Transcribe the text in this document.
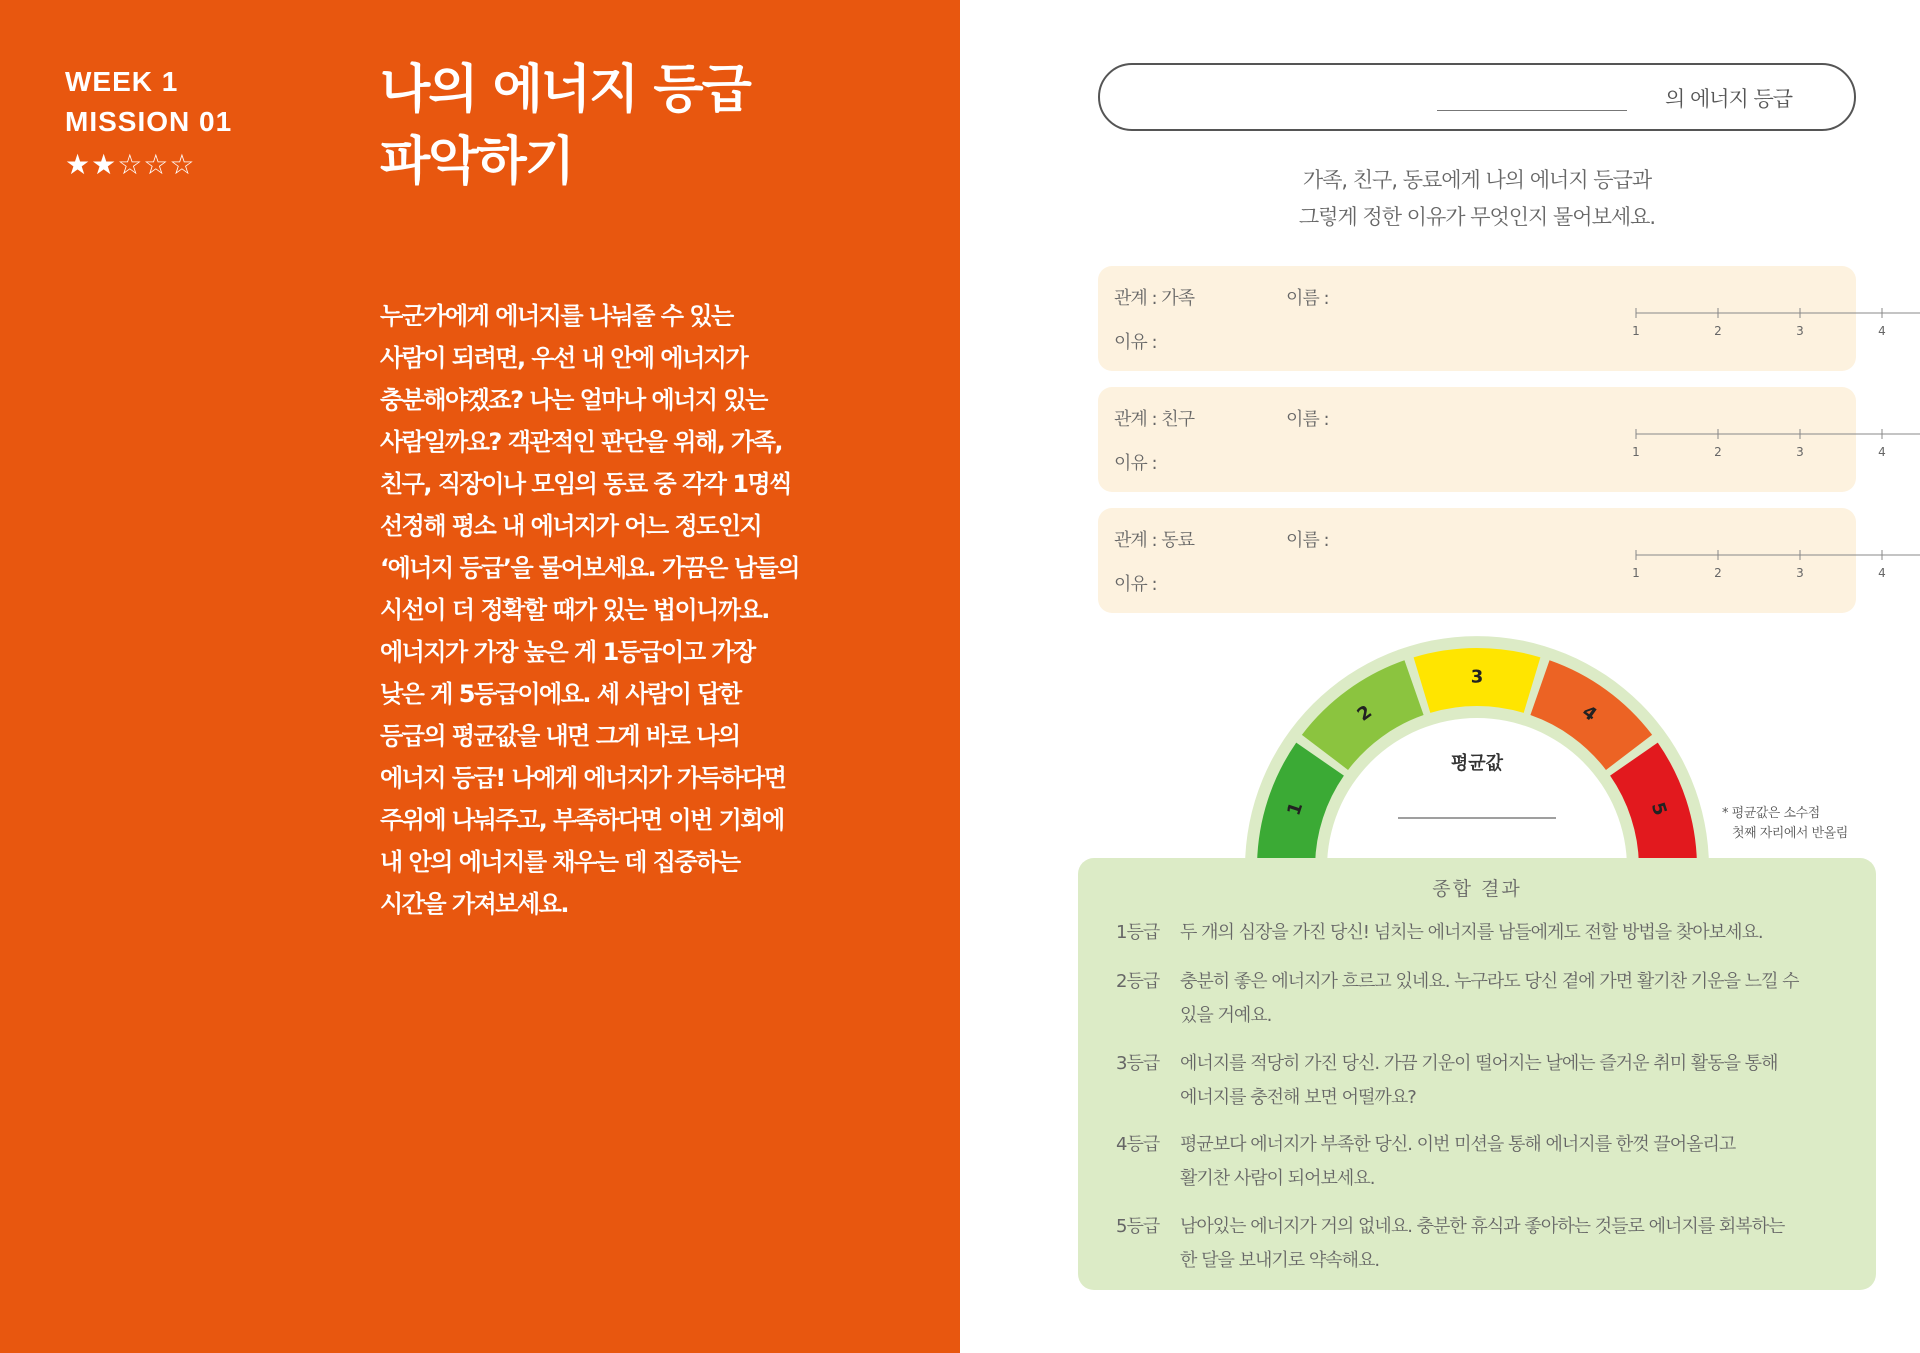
WEEK 1
MISSION 01
★★☆☆☆
나의 에너지 등급
파악하기

누군가에게 에너지를 나눠줄 수 있는

사람이 되려면, 우선 내 안에 에너지가

충분해야겠죠? 나는 얼마나 에너지 있는

사람일까요? 객관적인 판단을 위해, 가족,

친구, 직장이나 모임의 동료 중 각각 1명씩

선정해 평소 내 에너지가 어느 정도인지

‘에너지 등급’을 물어보세요. 가끔은 남들의

시선이 더 정확할 때가 있는 법이니까요.

에너지가 가장 높은 게 1등급이고 가장

낮은 게 5등급이에요. 세 사람이 답한

등급의 평균값을 내면 그게 바로 나의

에너지 등급! 나에게 에너지가 가득하다면

주위에 나눠주고, 부족하다면 이번 기회에

내 안의 에너지를 채우는 데 집중하는

시간을 가져보세요.

의 에너지 등급

가족, 친구, 동료에게 나의 에너지 등급과

그렇게 정한 이유가 무엇인지 물어보세요.

관계 : 가족	이름 :
이유 :
1	2	3	4
관계 : 친구	이름 :
이유 :
1	2	3	4
관계 : 동료	이름 :
이유 :
1	2	3	4
1
2
3
4
5
평균값

* 평균값은 소수점

첫째 자리에서 반올림

종합 결과
1등급 두 개의 심장을 가진 당신! 넘치는 에너지를 남들에게도 전할 방법을 찾아보세요.

2등급 충분히 좋은 에너지가 흐르고 있네요. 누구라도 당신 곁에 가면 활기찬 기운을 느낄 수

있을 거예요.

3등급 에너지를 적당히 가진 당신. 가끔 기운이 떨어지는 날에는 즐거운 취미 활동을 통해

에너지를 충전해 보면 어떨까요?

4등급 평균보다 에너지가 부족한 당신. 이번 미션을 통해 에너지를 한껏 끌어올리고

활기찬 사람이 되어보세요.

5등급 남아있는 에너지가 거의 없네요. 충분한 휴식과 좋아하는 것들로 에너지를 회복하는

한 달을 보내기로 약속해요.
